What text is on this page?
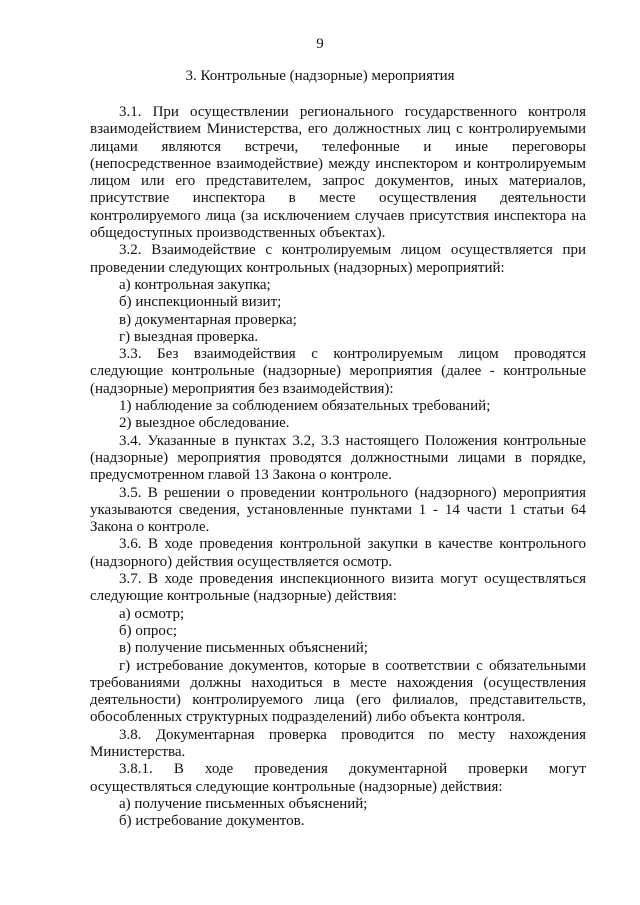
9
3. Контрольные (надзорные) мероприятия

3.1. При осуществлении регионального государственного контроля взаимодействием Министерства, его должностных лиц с контролируемыми лицами являются встречи, телефонные и иные переговоры (непосредственное взаимодействие) между инспектором и контролируемым лицом или его представителем, запрос документов, иных материалов, присутствие инспектора в месте осуществления деятельности контролируемого лица (за исключением случаев присутствия инспектора на общедоступных производственных объектах).

3.2. Взаимодействие с контролируемым лицом осуществляется при проведении следующих контрольных (надзорных) мероприятий:

а) контрольная закупка;

б) инспекционный визит;

в) документарная проверка;

г) выездная проверка.

3.3. Без взаимодействия с контролируемым лицом проводятся следующие контрольные (надзорные) мероприятия (далее - контрольные (надзорные) мероприятия без взаимодействия):

1) наблюдение за соблюдением обязательных требований;

2) выездное обследование.

3.4. Указанные в пунктах 3.2, 3.3 настоящего Положения контрольные (надзорные) мероприятия проводятся должностными лицами в порядке, предусмотренном главой 13 Закона о контроле.

3.5. В решении о проведении контрольного (надзорного) мероприятия указываются сведения, установленные пунктами 1 - 14 части 1 статьи 64 Закона о контроле.

3.6. В ходе проведения контрольной закупки в качестве контрольного (надзорного) действия осуществляется осмотр.

3.7. В ходе проведения инспекционного визита могут осуществляться следующие контрольные (надзорные) действия:

а) осмотр;

б) опрос;

в) получение письменных объяснений;

г) истребование документов, которые в соответствии с обязательными требованиями должны находиться в месте нахождения (осуществления деятельности) контролируемого лица (его филиалов, представительств, обособленных структурных подразделений) либо объекта контроля.

3.8. Документарная проверка проводится по месту нахождения Министерства.

3.8.1. В ходе проведения документарной проверки могут осуществляться следующие контрольные (надзорные) действия:

а) получение письменных объяснений;

б) истребование документов.
